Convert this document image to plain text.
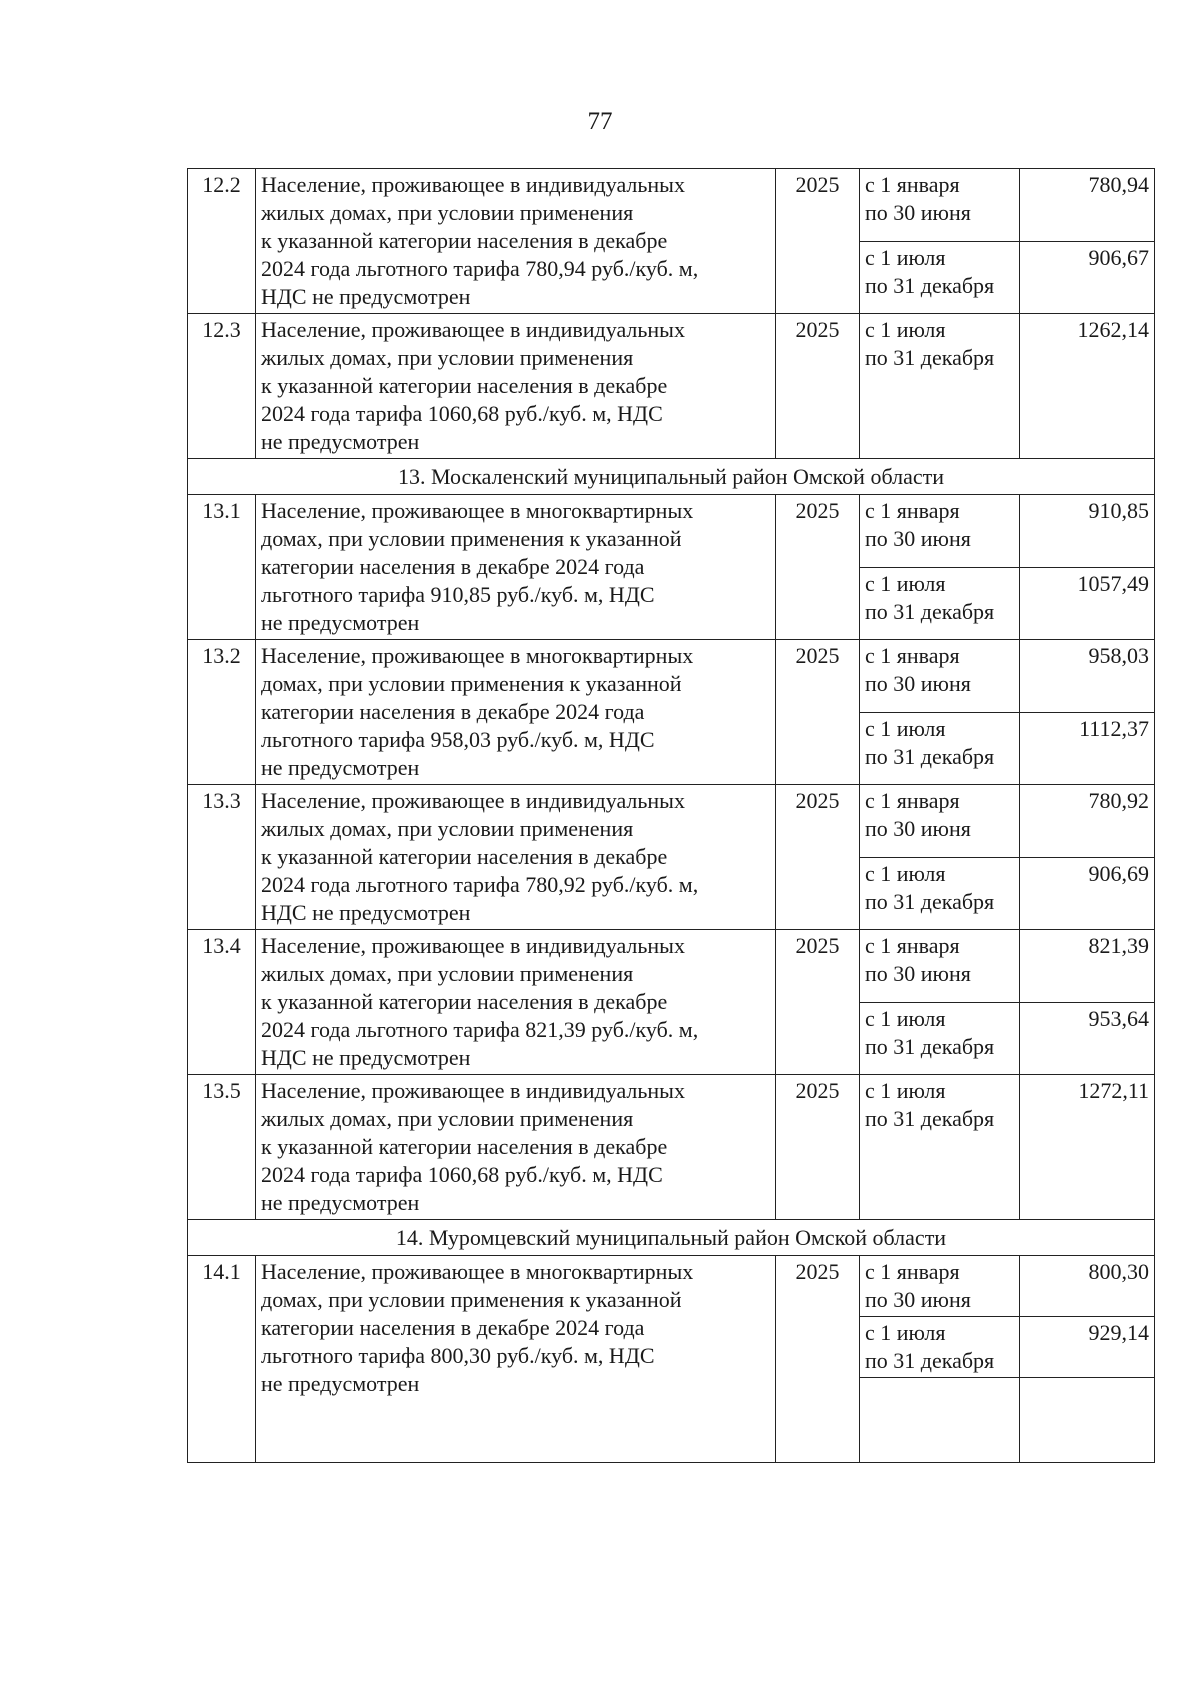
77
12.2	Население, проживающее в индивидуальных
жилых домах, при условии применения
к указанной категории населения в декабре
2024 года льготного тарифа 780,94 руб./куб. м,
НДС не предусмотрен	2025	с 1 января
по 30 июня	780,94

			с 1 июля
по 31 декабря	906,67
12.3	Население, проживающее в индивидуальных
жилых домах, при условии применения
к указанной категории населения в декабре
2024 года тарифа 1060,68 руб./куб. м, НДС
не предусмотрен	2025	с 1 июля
по 31 декабря	1262,14
13. Москаленский муниципальный район Омской области				
13.1	Население, проживающее в многоквартирных
домах, при условии применения к указанной
категории населения в декабре 2024 года
льготного тарифа 910,85 руб./куб. м, НДС
не предусмотрен	2025	с 1 января
по 30 июня	910,85

			с 1 июля
по 31 декабря	1057,49
13.2	Население, проживающее в многоквартирных
домах, при условии применения к указанной
категории населения в декабре 2024 года
льготного тарифа 958,03 руб./куб. м, НДС
не предусмотрен	2025	с 1 января
по 30 июня	958,03

			с 1 июля
по 31 декабря	1112,37
13.3	Население, проживающее в индивидуальных
жилых домах, при условии применения
к указанной категории населения в декабре
2024 года льготного тарифа 780,92 руб./куб. м,
НДС не предусмотрен	2025	с 1 января
по 30 июня	780,92

			с 1 июля
по 31 декабря	906,69
13.4	Население, проживающее в индивидуальных
жилых домах, при условии применения
к указанной категории населения в декабре
2024 года льготного тарифа 821,39 руб./куб. м,
НДС не предусмотрен	2025	с 1 января
по 30 июня	821,39

			с 1 июля
по 31 декабря	953,64
13.5	Население, проживающее в индивидуальных
жилых домах, при условии применения
к указанной категории населения в декабре
2024 года тарифа 1060,68 руб./куб. м, НДС
не предусмотрен	2025	с 1 июля
по 31 декабря	1272,11
14. Муромцевский муниципальный район Омской области				
14.1	Население, проживающее в многоквартирных
домах, при условии применения к указанной
категории населения в декабре 2024 года
льготного тарифа 800,30 руб./куб. м, НДС
не предусмотрен	2025	с 1 января
по 30 июня	800,30

			с 1 июля
по 31 декабря	929,14
